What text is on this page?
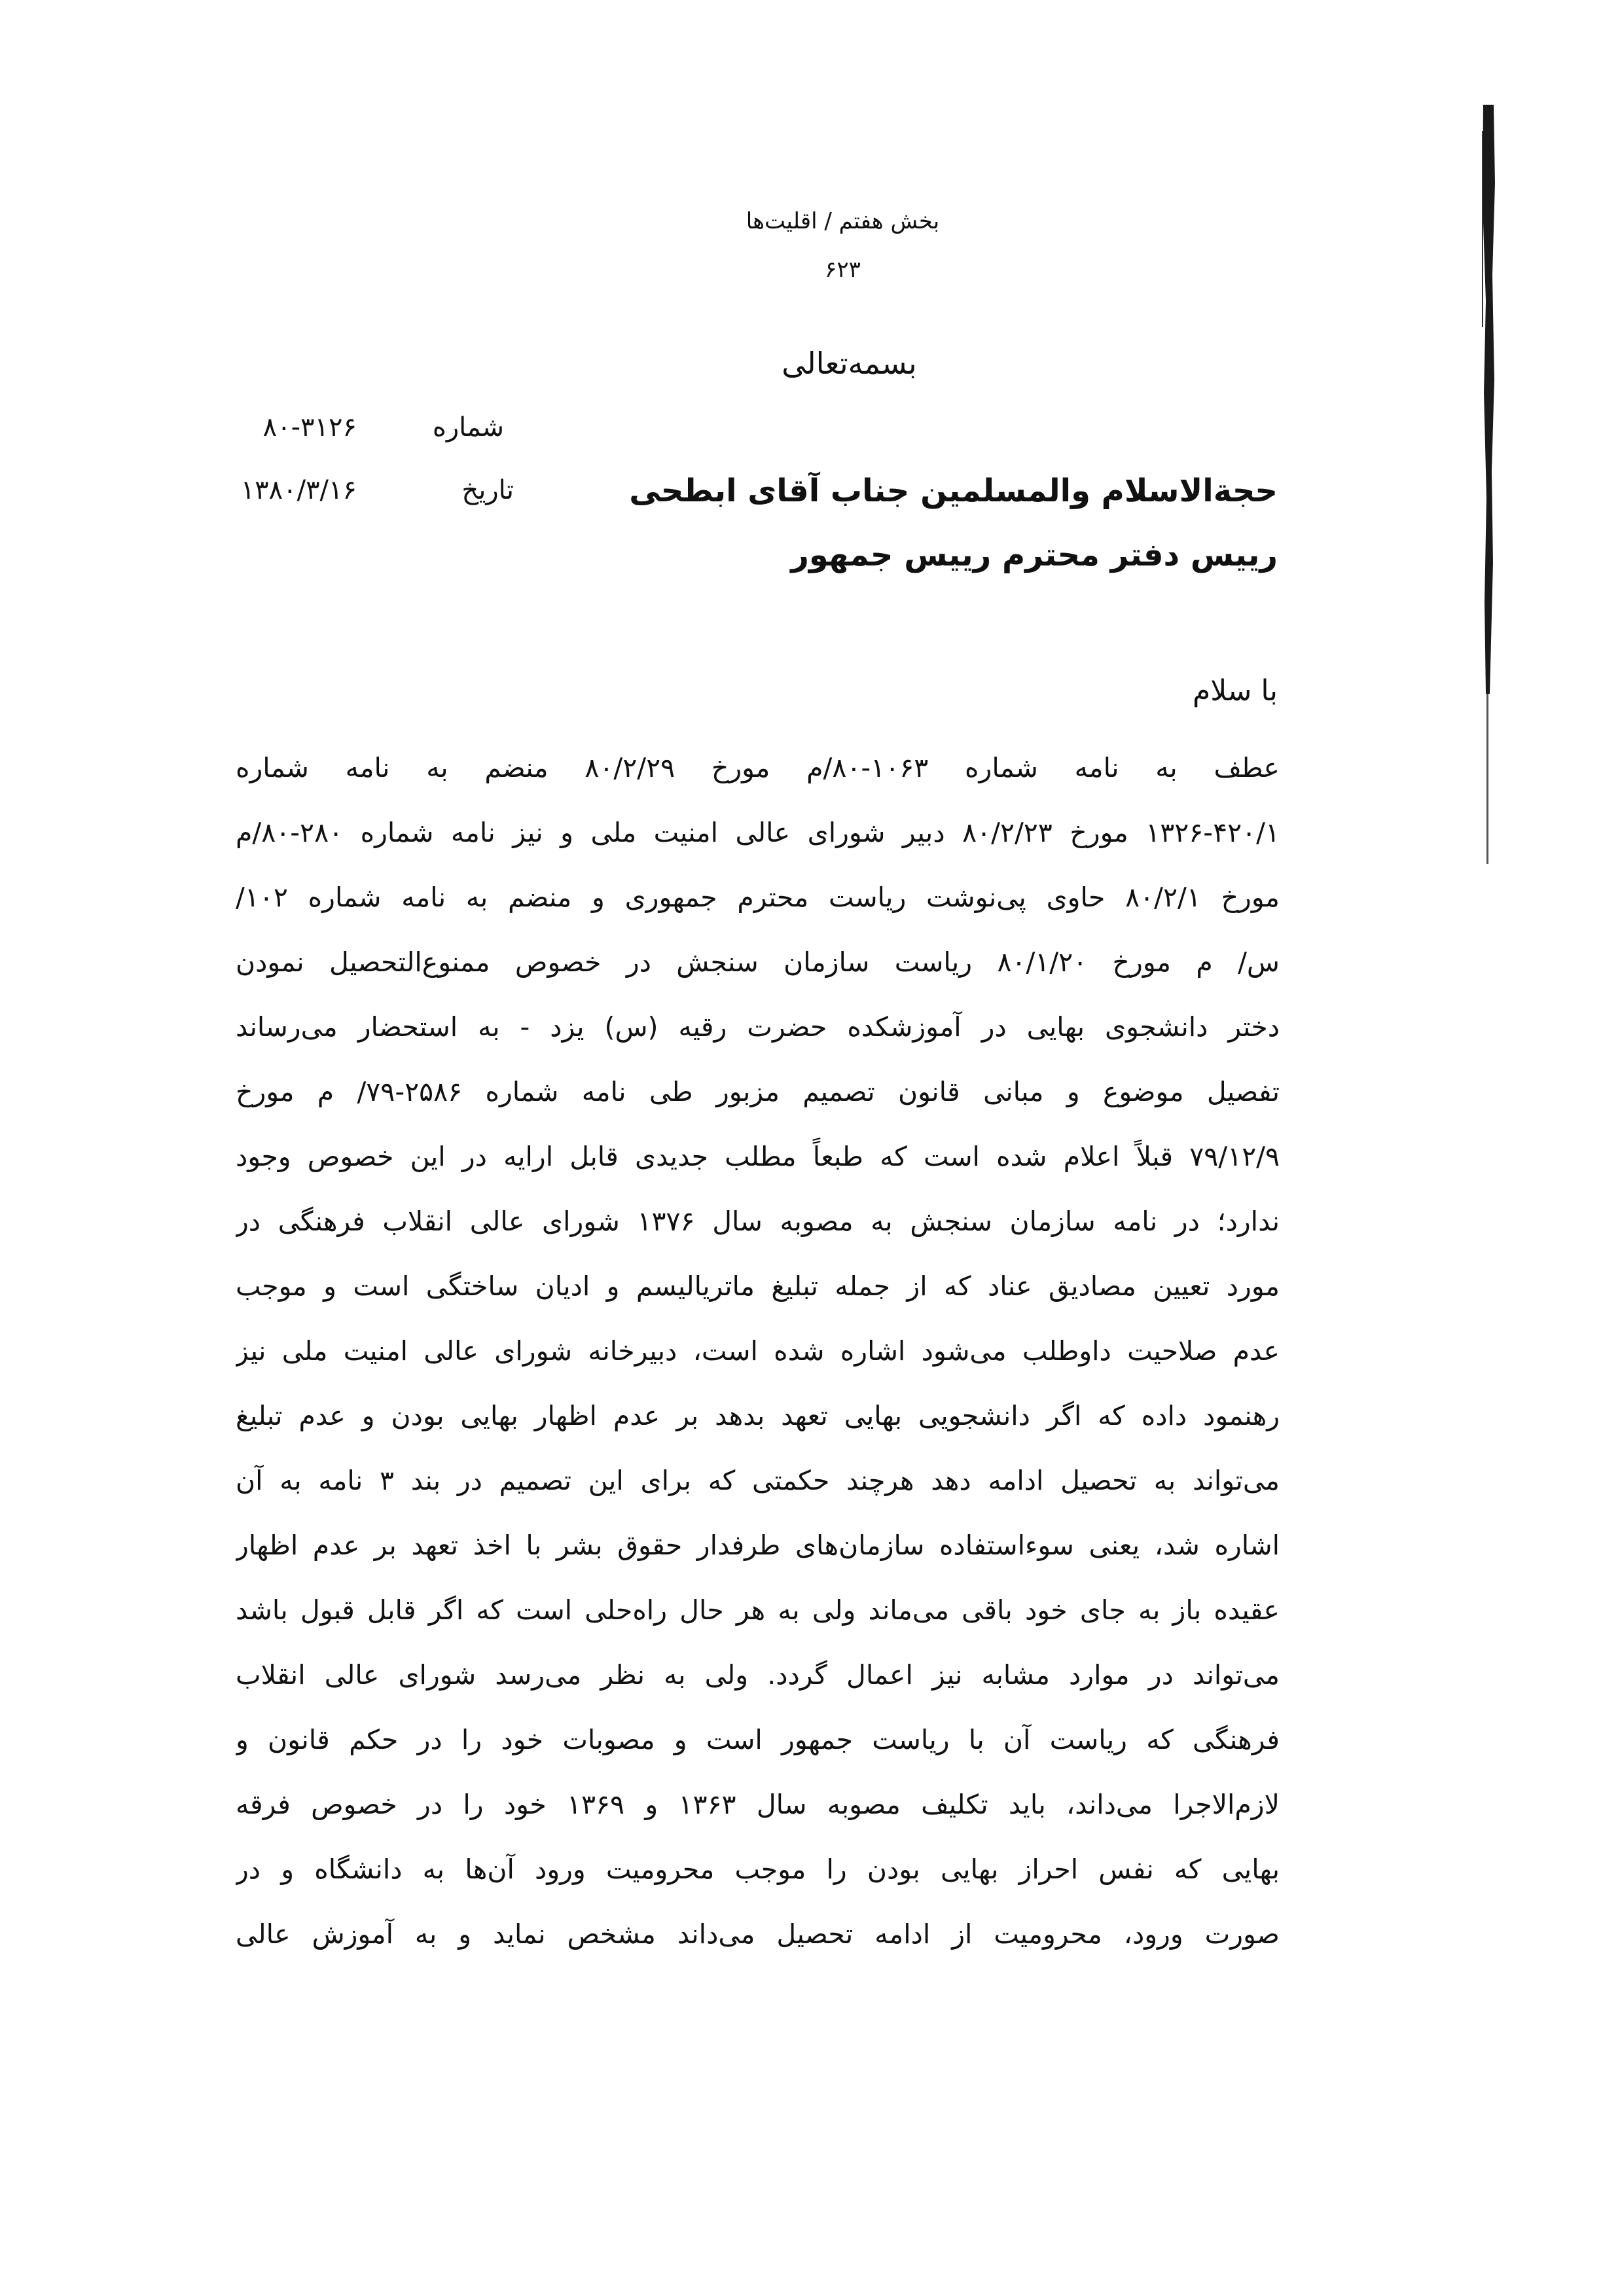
بخش هفتم / اقلیت‌ها
۶۲۳
بسمه‌تعالی
شماره
۸۰-۳۱۲۶
تاریخ
۱۳۸۰/۳/۱۶	حجة‌الاسلام والمسلمین جناب آقای ابطحی
رییس دفتر محترم رییس جمهور
با سلام
عطف به نامه شماره ۱۰۶۳-۸۰/م مورخ ۸۰/۲/۲۹ منضم به نامه شماره
۱۳۲۶-۴۲۰/۱ مورخ ۸۰/۲/۲۳ دبیر شورای عالی امنیت ملی و نیز نامه شماره ۲۸۰-۸۰/م
مورخ ۸۰/۲/۱ حاوی پی‌نوشت ریاست محترم جمهوری و منضم به نامه شماره ۱۰۲/
س/ م مورخ ۸۰/۱/۲۰ ریاست سازمان سنجش در خصوص ممنوع‌التحصیل نمودن
دختر دانشجوی بهایی در آموزشکده حضرت رقیه (س) یزد - به استحضار می‌رساند
تفصیل موضوع و مبانی قانون تصمیم مزبور طی نامه شماره ۲۵۸۶-۷۹/ م مورخ
۷۹/۱۲/۹ قبلاً اعلام شده است که طبعاً مطلب جدیدی قابل ارایه در این خصوص وجود
ندارد؛ در نامه سازمان سنجش به مصوبه سال ۱۳۷۶ شورای عالی انقلاب فرهنگی در
مورد تعیین مصادیق عناد که از جمله تبلیغ ماتریالیسم و ادیان ساختگی است و موجب
عدم صلاحیت داوطلب می‌شود اشاره شده است، دبیرخانه شورای عالی امنیت ملی نیز
رهنمود داده که اگر دانشجویی بهایی تعهد بدهد بر عدم اظهار بهایی بودن و عدم تبلیغ
می‌تواند به تحصیل ادامه دهد هرچند حکمتی که برای این تصمیم در بند ۳ نامه به آن
اشاره شد، یعنی سوءاستفاده سازمان‌های طرفدار حقوق بشر با اخذ تعهد بر عدم اظهار
عقیده باز به جای خود باقی می‌ماند ولی به هر حال راه‌حلی است که اگر قابل قبول باشد
می‌تواند در موارد مشابه نیز اعمال گردد. ولی به نظر می‌رسد شورای عالی انقلاب
فرهنگی که ریاست آن با ریاست جمهور است و مصوبات خود را در حکم قانون و
لازم‌الاجرا می‌داند، باید تکلیف مصوبه سال ۱۳۶۳ و ۱۳۶۹ خود را در خصوص فرقه
بهایی که نفس احراز بهایی بودن را موجب محرومیت ورود آن‌ها به دانشگاه و در
صورت ورود، محرومیت از ادامه تحصیل می‌داند مشخص نماید و به آموزش عالی
